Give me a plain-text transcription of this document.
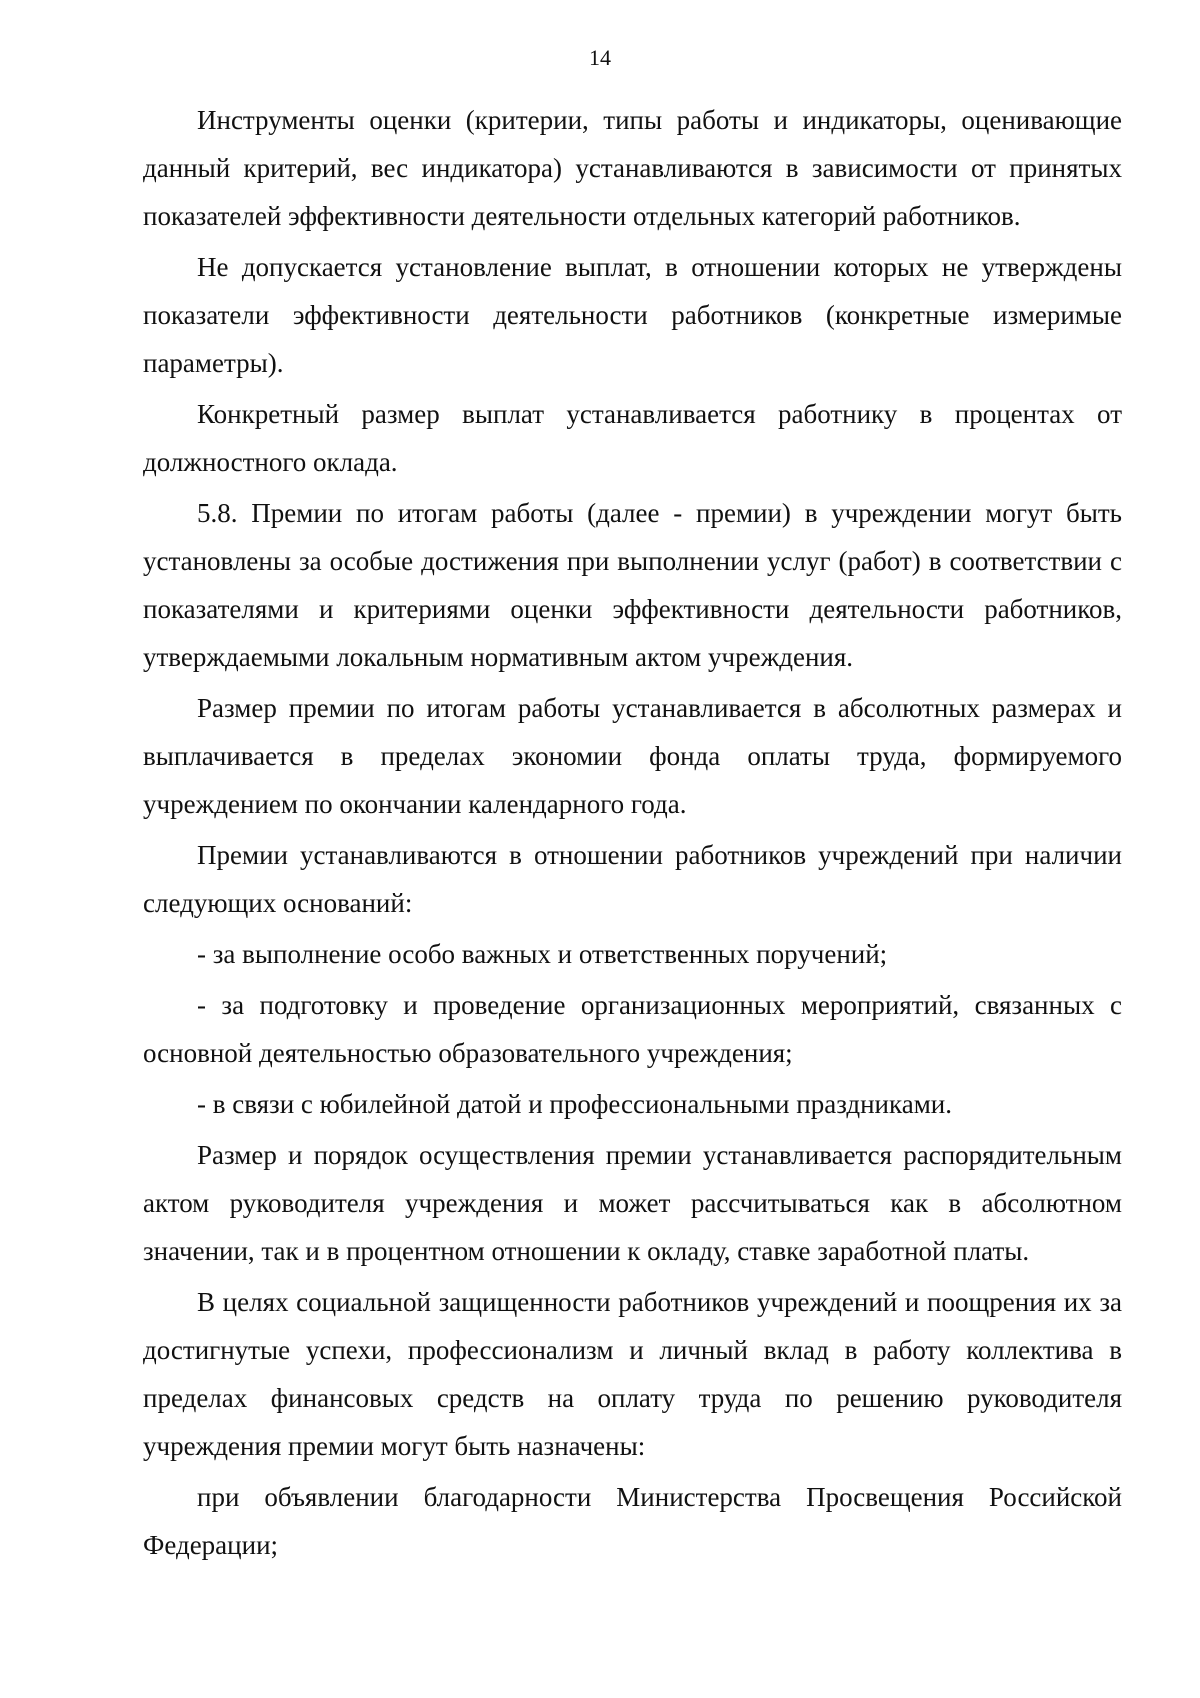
14

Инструменты оценки (критерии, типы работы и индикаторы, оценивающие данный критерий, вес индикатора) устанавливаются в зависимости от принятых показателей эффективности деятельности отдельных категорий работников.

Не допускается установление выплат, в отношении которых не утверждены показатели эффективности деятельности работников (конкретные измеримые параметры).

Конкретный размер выплат устанавливается работнику в процентах от должностного оклада.

5.8. Премии по итогам работы (далее - премии) в учреждении могут быть установлены за особые достижения при выполнении услуг (работ) в соответствии с показателями и критериями оценки эффективности деятельности работников, утверждаемыми локальным нормативным актом учреждения.

Размер премии по итогам работы устанавливается в абсолютных размерах и выплачивается в пределах экономии фонда оплаты труда, формируемого учреждением по окончании календарного года.

Премии устанавливаются в отношении работников учреждений при наличии следующих оснований:

- за выполнение особо важных и ответственных поручений;

- за подготовку и проведение организационных мероприятий, связанных с основной деятельностью образовательного учреждения;

- в связи с юбилейной датой и профессиональными праздниками.

Размер и порядок осуществления премии устанавливается распорядительным актом руководителя учреждения и может рассчитываться как в абсолютном значении, так и в процентном отношении к окладу, ставке заработной платы.

В целях социальной защищенности работников учреждений и поощрения их за достигнутые успехи, профессионализм и личный вклад в работу коллектива в пределах финансовых средств на оплату труда по решению руководителя учреждения премии могут быть назначены:

при объявлении благодарности Министерства Просвещения Российской Федерации;
